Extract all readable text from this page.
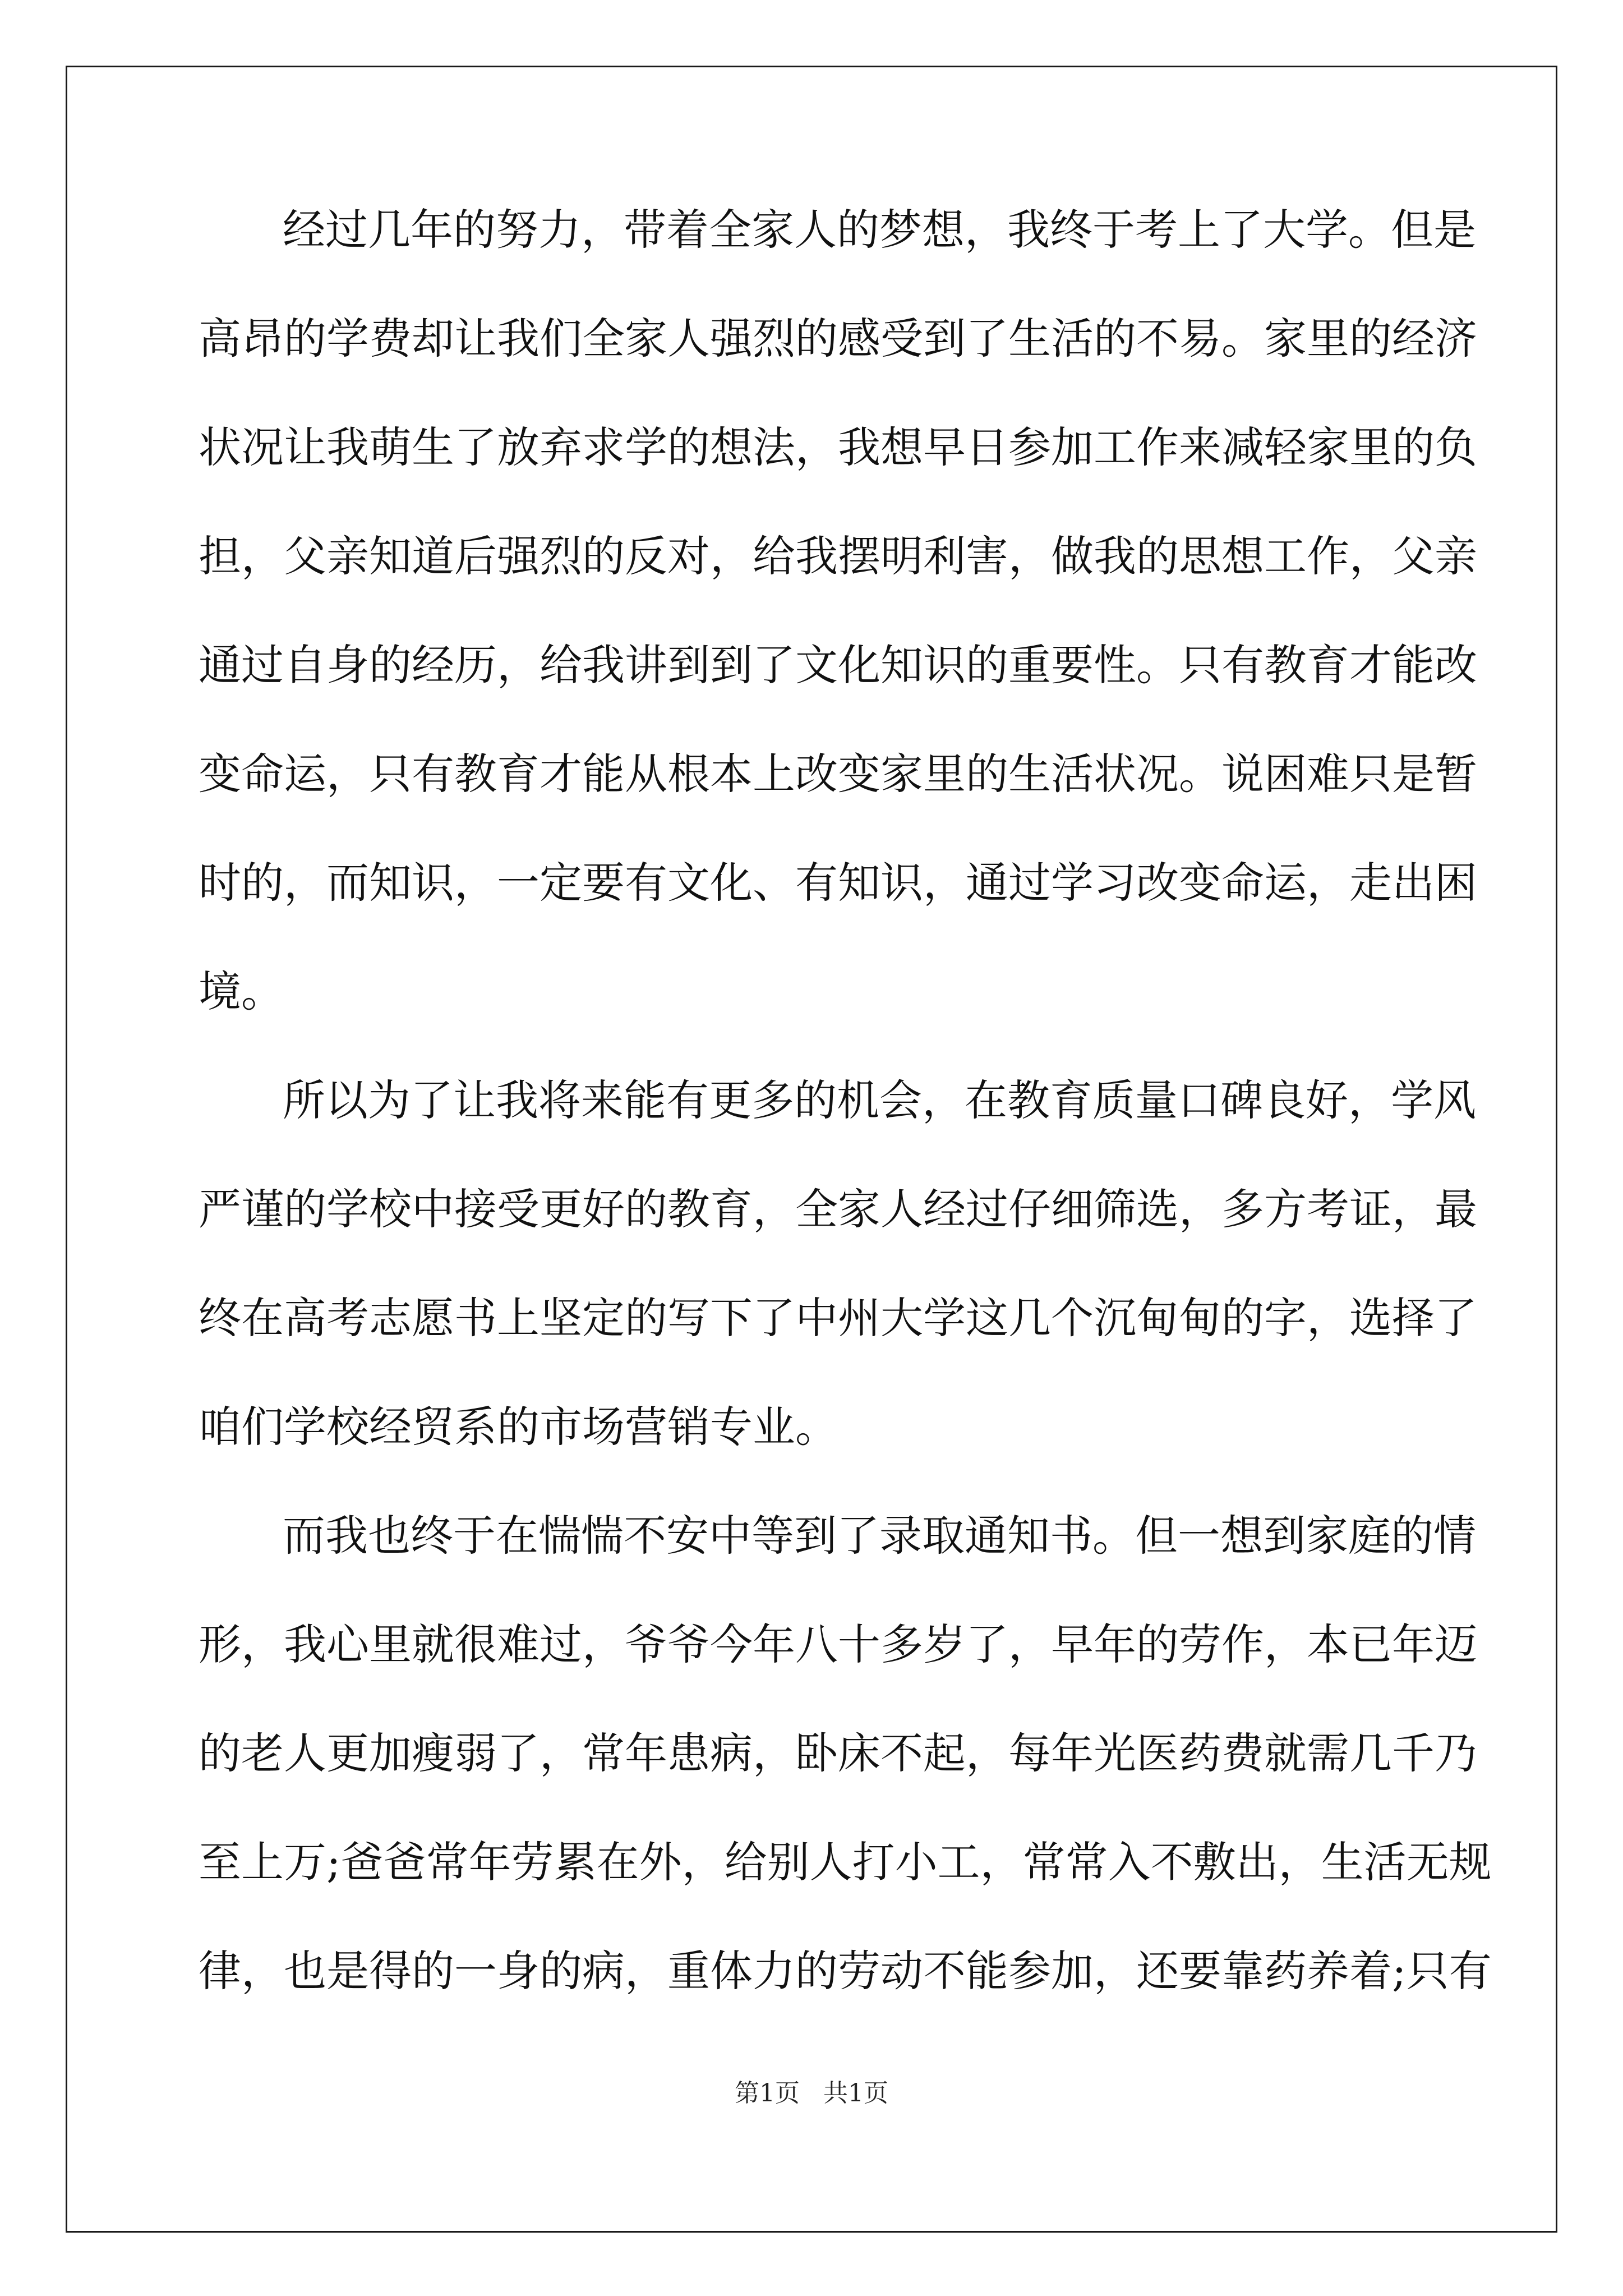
经过几年的努力，带着全家人的梦想，我终于考上了大学。但是
高昂的学费却让我们全家人强烈的感受到了生活的不易。家里的经济
状况让我萌生了放弃求学的想法，我想早日参加工作来减轻家里的负
担，父亲知道后强烈的反对，给我摆明利害，做我的思想工作，父亲
通过自身的经历，给我讲到到了文化知识的重要性。只有教育才能改
变命运，只有教育才能从根本上改变家里的生活状况。说困难只是暂
时的，而知识，一定要有文化、有知识，通过学习改变命运，走出困
境。
所以为了让我将来能有更多的机会，在教育质量口碑良好，学风
严谨的学校中接受更好的教育，全家人经过仔细筛选，多方考证，最
终在高考志愿书上坚定的写下了中州大学这几个沉甸甸的字，选择了
咱们学校经贸系的市场营销专业。
而我也终于在惴惴不安中等到了录取通知书。但一想到家庭的情
形，我心里就很难过，爷爷今年八十多岁了，早年的劳作，本已年迈
的老人更加瘦弱了，常年患病，卧床不起，每年光医药费就需几千乃
至上万;爸爸常年劳累在外，给别人打小工，常常入不敷出，生活无规
律，也是得的一身的病，重体力的劳动不能参加，还要靠药养着;只有
第1页   共1页
